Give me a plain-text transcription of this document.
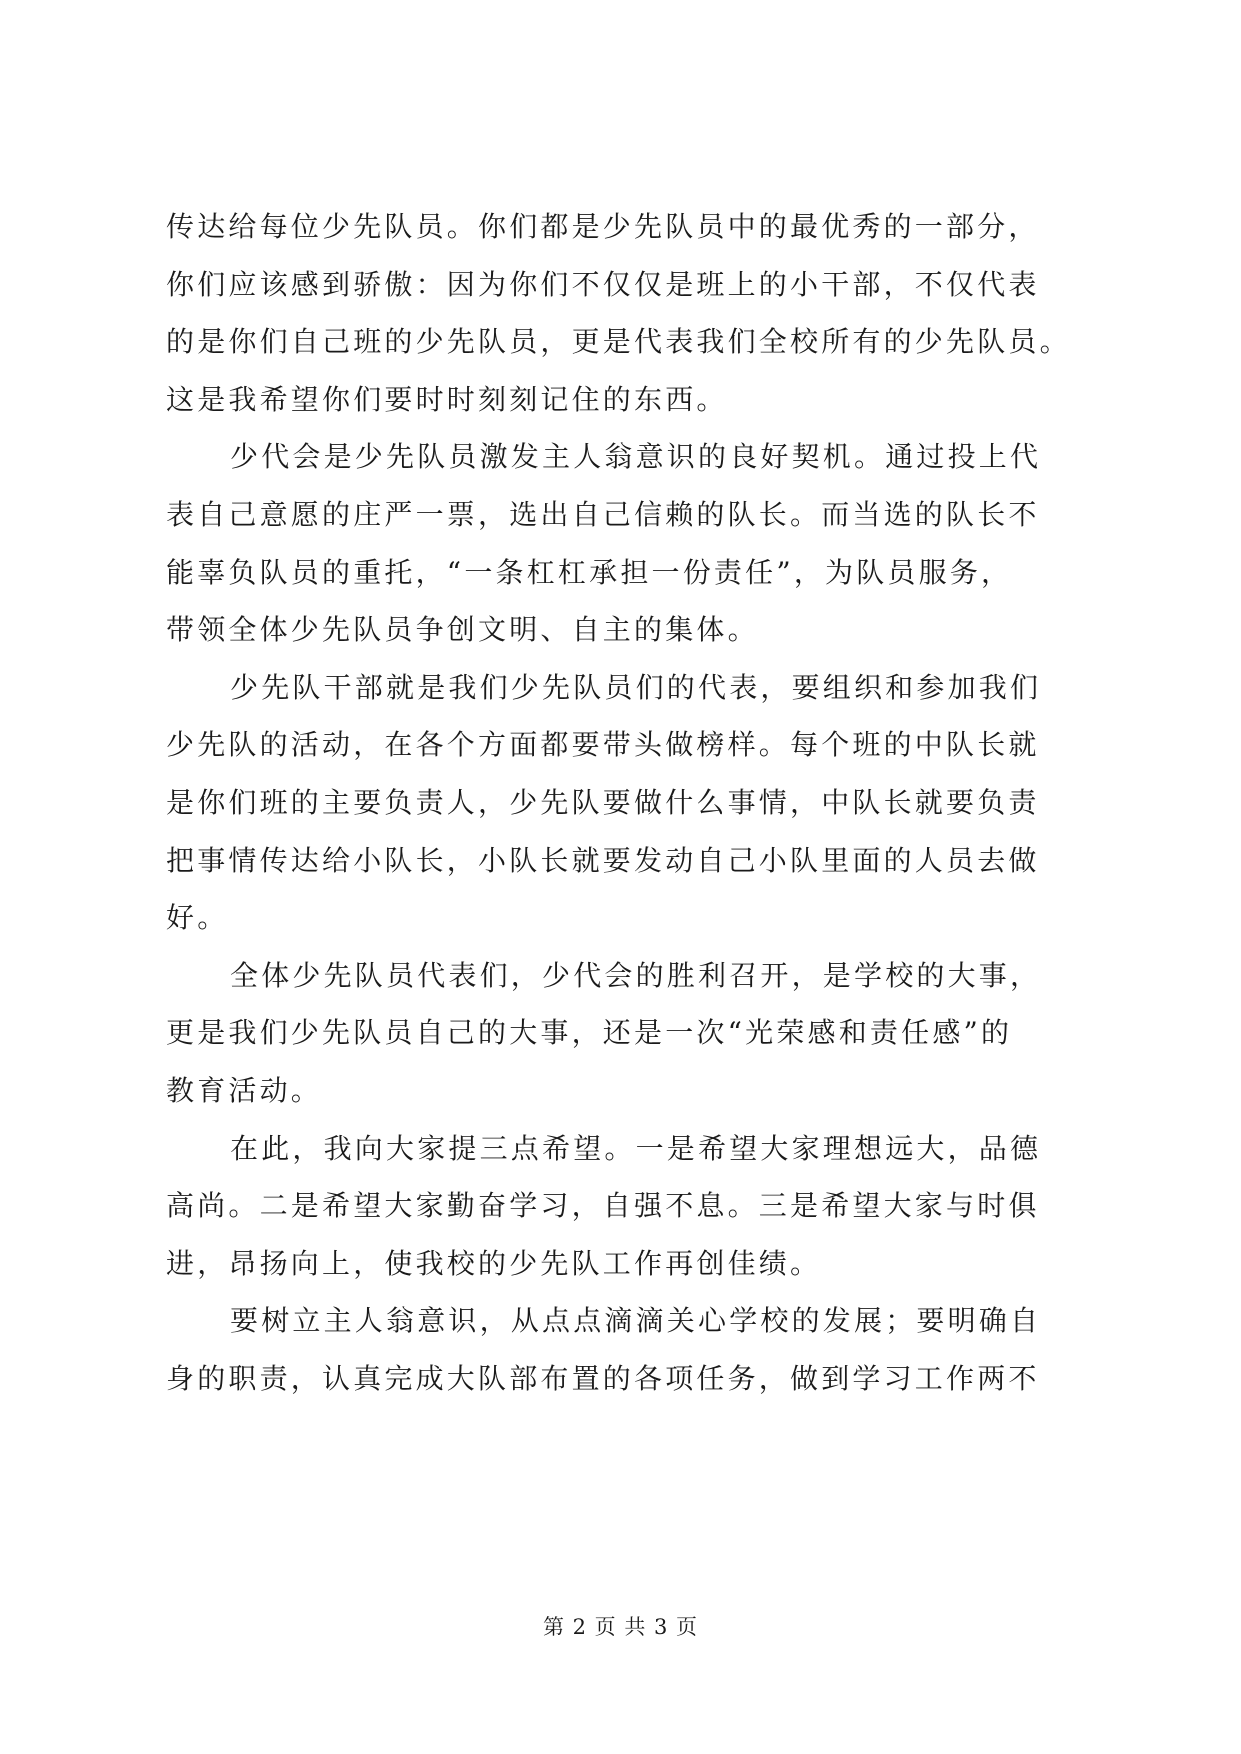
传达给每位少先队员。你们都是少先队员中的最优秀的一部分，
你们应该感到骄傲：因为你们不仅仅是班上的小干部，不仅代表
的是你们自己班的少先队员，更是代表我们全校所有的少先队员。
这是我希望你们要时时刻刻记住的东西。
少代会是少先队员激发主人翁意识的良好契机。通过投上代
表自己意愿的庄严一票，选出自己信赖的队长。而当选的队长不
能辜负队员的重托，“一条杠杠承担一份责任”，为队员服务，
带领全体少先队员争创文明、自主的集体。
少先队干部就是我们少先队员们的代表，要组织和参加我们
少先队的活动，在各个方面都要带头做榜样。每个班的中队长就
是你们班的主要负责人，少先队要做什么事情，中队长就要负责
把事情传达给小队长，小队长就要发动自己小队里面的人员去做
好。
全体少先队员代表们，少代会的胜利召开，是学校的大事，
更是我们少先队员自己的大事，还是一次“光荣感和责任感”的
教育活动。
在此，我向大家提三点希望。一是希望大家理想远大，品德
高尚。二是希望大家勤奋学习，自强不息。三是希望大家与时俱
进，昂扬向上，使我校的少先队工作再创佳绩。
要树立主人翁意识，从点点滴滴关心学校的发展；要明确自
身的职责，认真完成大队部布置的各项任务，做到学习工作两不
第 2 页 共 3 页
